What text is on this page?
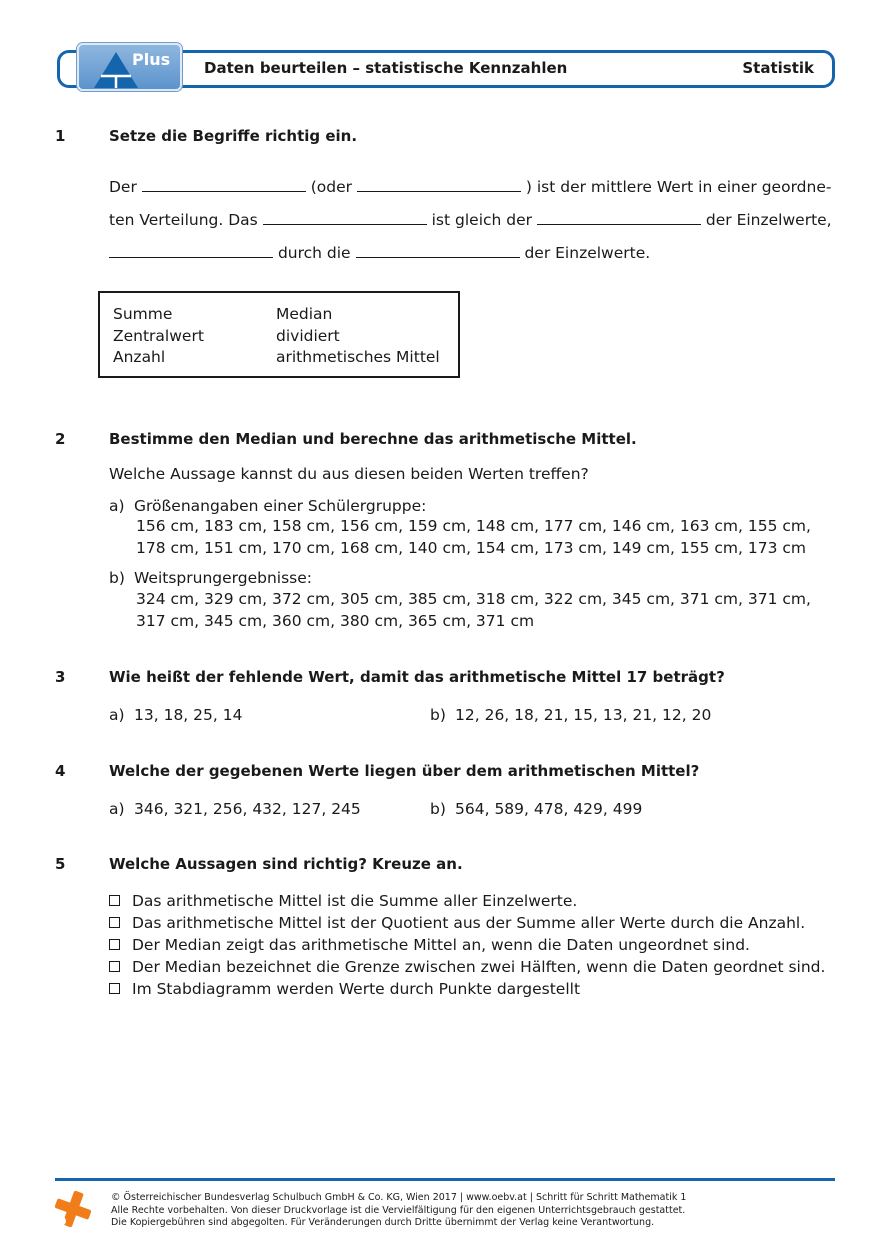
Plus Daten beurteilen – statistische Kennzahlen	Statistik
1	Setze die Begriffe richtig ein.
Der	(oder	) ist der mittlere Wert in einer geordne-
ten Verteilung. Das	ist gleich der	der Einzelwerte,
durch die	der Einzelwerte.
Summe	Median
Zentralwert	dividiert
Anzahl	arithmetisches Mittel
2	Bestimme den Median und berechne das arithmetische Mittel.
Welche Aussage kannst du aus diesen beiden Werten treffen?
a) Größenangaben einer Schülergruppe:
156 cm, 183 cm, 158 cm, 156 cm, 159 cm, 148 cm, 177 cm, 146 cm, 163 cm, 155 cm,
178 cm, 151 cm, 170 cm, 168 cm, 140 cm, 154 cm, 173 cm, 149 cm, 155 cm, 173 cm
b) Weitsprungergebnisse:
324 cm, 329 cm, 372 cm, 305 cm, 385 cm, 318 cm, 322 cm, 345 cm, 371 cm, 371 cm,
317 cm, 345 cm, 360 cm, 380 cm, 365 cm, 371 cm
3	Wie heißt der fehlende Wert, damit das arithmetische Mittel 17 beträgt?
a) 13, 18, 25, 14	b) 12, 26, 18, 21, 15, 13, 21, 12, 20
4	Welche der gegebenen Werte liegen über dem arithmetischen Mittel?
a) 346, 321, 256, 432, 127, 245	b) 564, 589, 478, 429, 499
5	Welche Aussagen sind richtig? Kreuze an.
Das arithmetische Mittel ist die Summe aller Einzelwerte.
Das arithmetische Mittel ist der Quotient aus der Summe aller Werte durch die Anzahl.
Der Median zeigt das arithmetische Mittel an, wenn die Daten ungeordnet sind.
Der Median bezeichnet die Grenze zwischen zwei Hälften, wenn die Daten geordnet sind.
Im Stabdiagramm werden Werte durch Punkte dargestellt
© Österreichischer Bundesverlag Schulbuch GmbH & Co. KG, Wien 2017 | www.oebv.at | Schritt für Schritt Mathematik 1
Alle Rechte vorbehalten. Von dieser Druckvorlage ist die Vervielfältigung für den eigenen Unterrichtsgebrauch gestattet.
Die Kopiergebühren sind abgegolten. Für Veränderungen durch Dritte übernimmt der Verlag keine Verantwortung.
